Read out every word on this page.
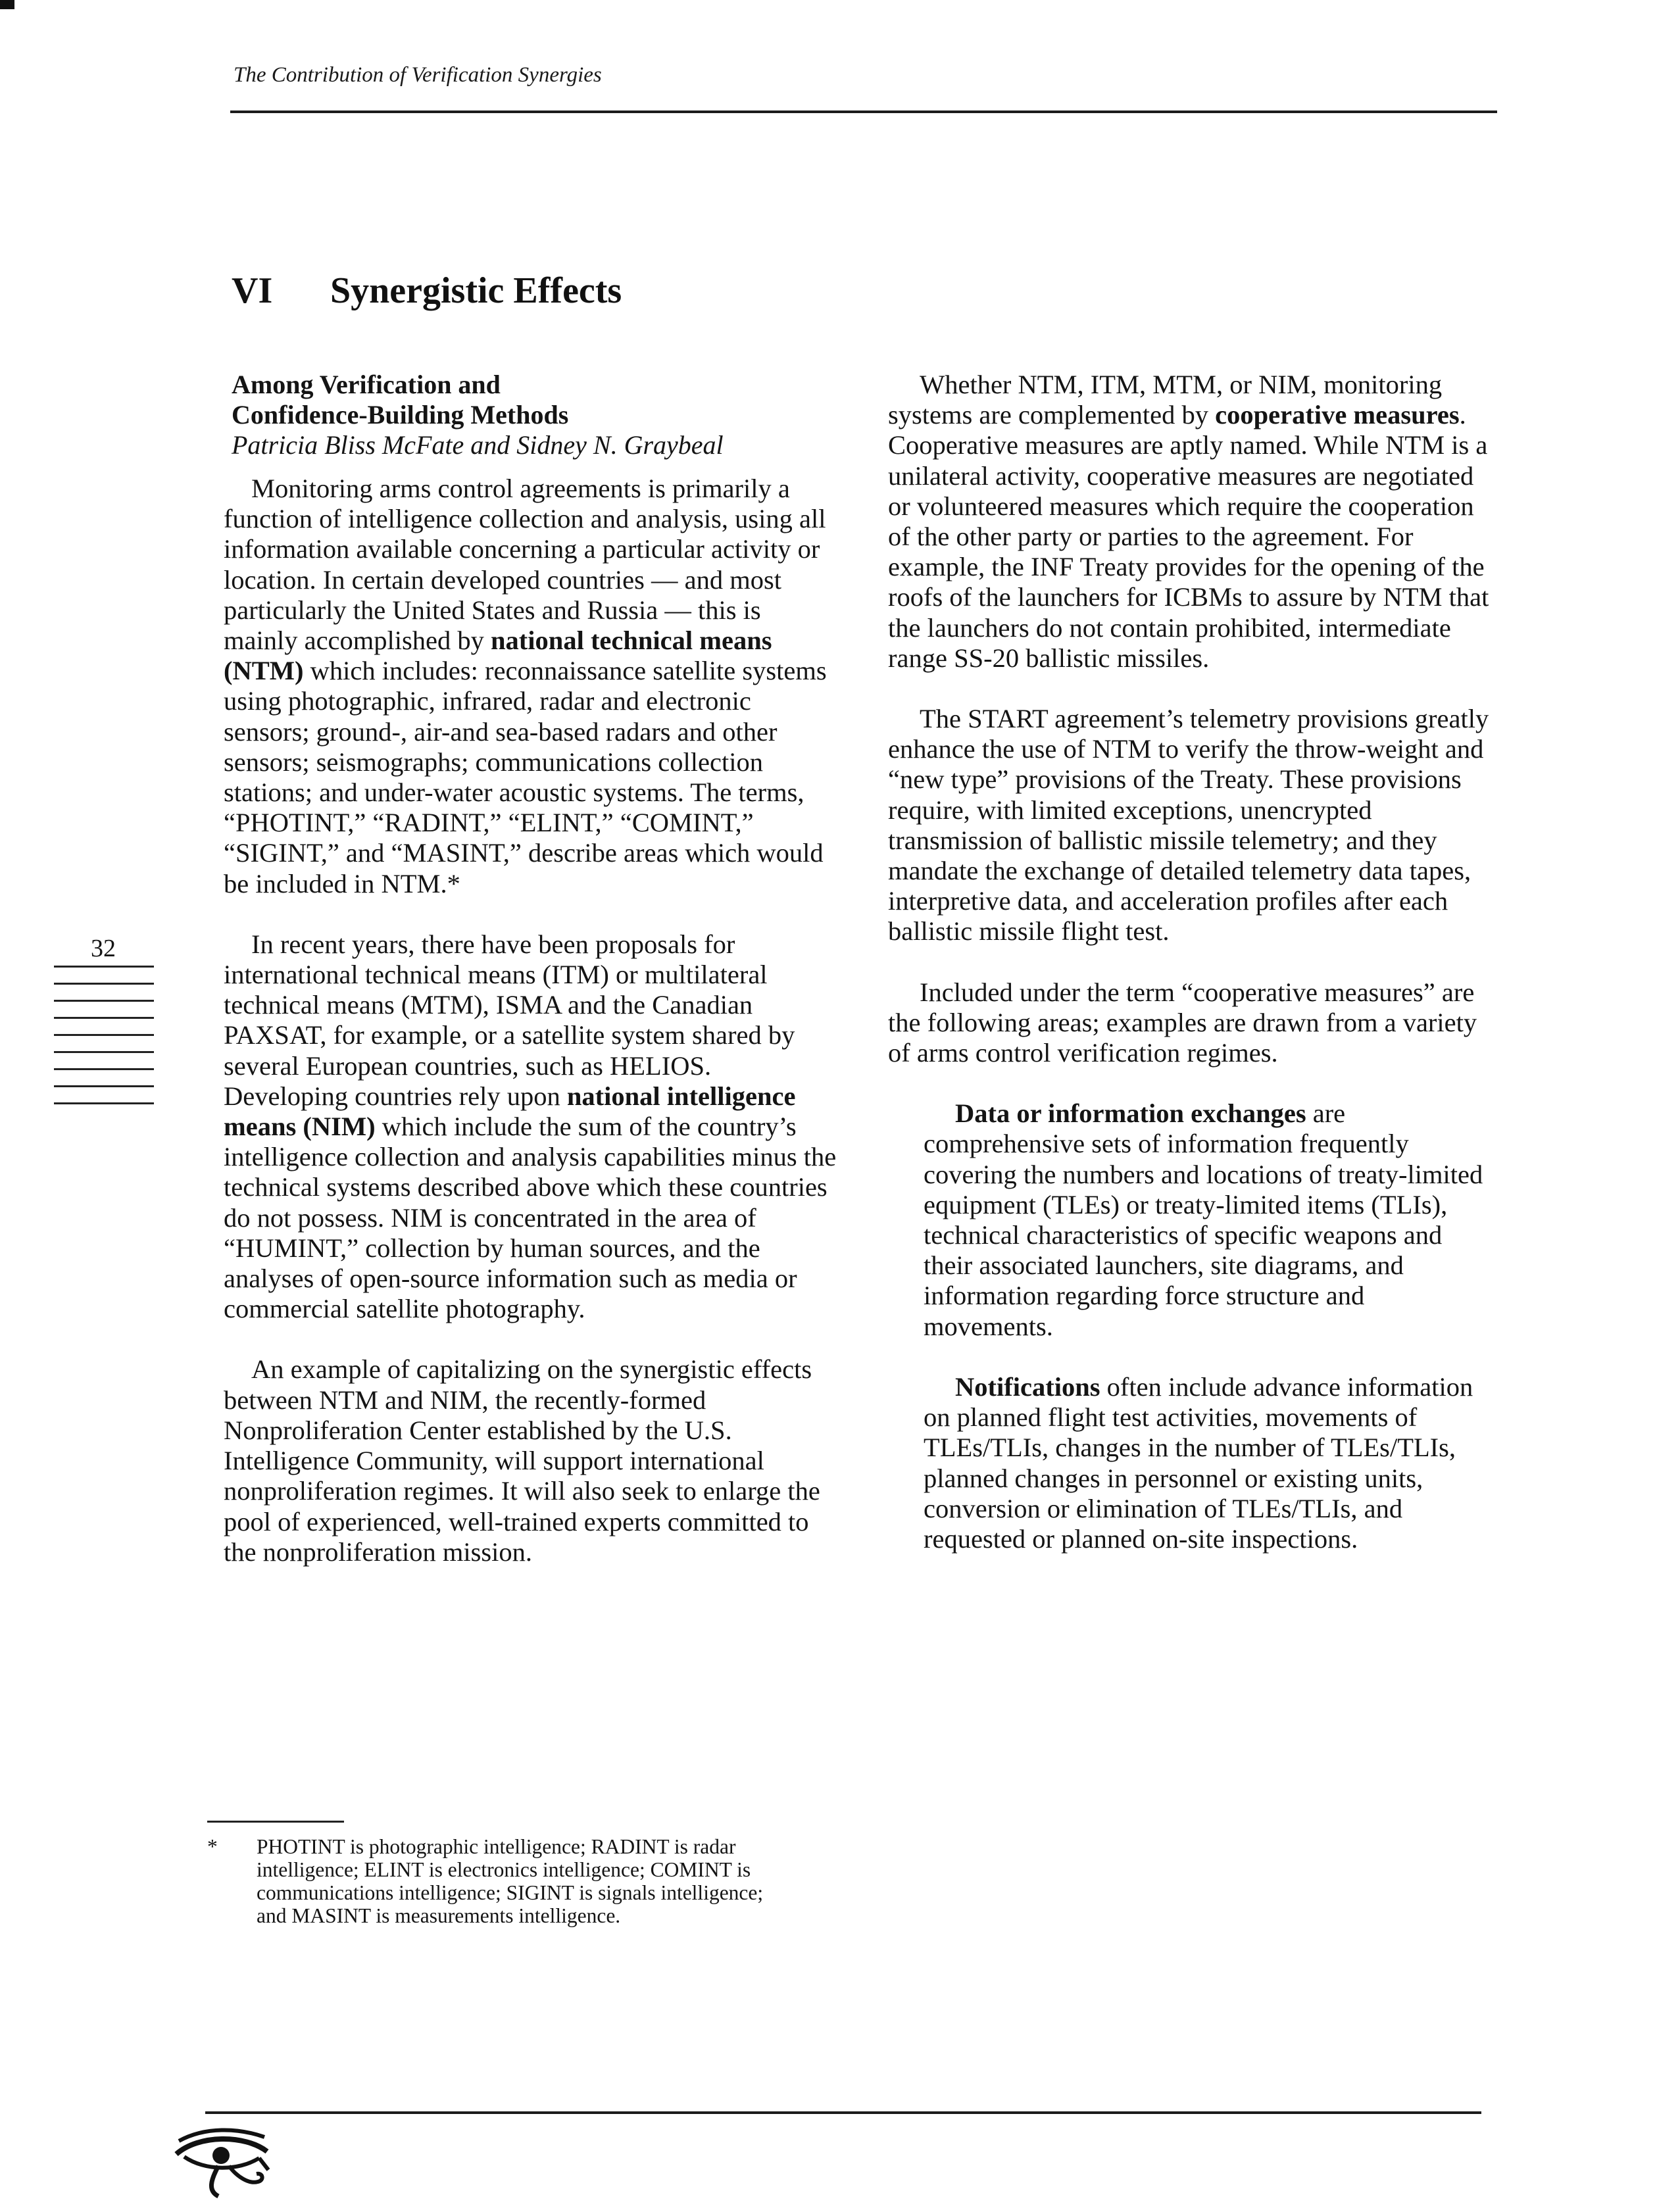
The Contribution of Verification Synergies
VI Synergistic Effects
Among Verification and
Confidence-Building Methods
Patricia Bliss McFate and Sidney N. Graybeal

Monitoring arms control agreements is primarily a function of intelligence collection and analysis, using all information available concerning a particular activity or location. In certain developed countries — and most particularly the United States and Russia — this is mainly accomplished by national technical means (NTM) which includes: reconnaissance satellite systems using photographic, infrared, radar and electronic sensors; ground-, air-and sea-based radars and other sensors; seismographs; communications collection stations; and under-water acoustic systems. The terms, “PHOTINT,” “RADINT,” “ELINT,” “COMINT,” “SIGINT,” and “MASINT,” describe areas which would be included in NTM.*

In recent years, there have been proposals for international technical means (ITM) or multilateral technical means (MTM), ISMA and the Canadian PAXSAT, for example, or a satellite system shared by several European countries, such as HELIOS. Developing countries rely upon national intelligence means (NIM) which include the sum of the country’s intelligence collection and analysis capabilities minus the technical systems described above which these countries do not possess. NIM is concentrated in the area of “HUMINT,” collection by human sources, and the analyses of open-source information such as media or commercial satellite photography.

An example of capitalizing on the synergistic effects between NTM and NIM, the recently-formed Nonproliferation Center established by the U.S. Intelligence Community, will support international nonproliferation regimes. It will also seek to enlarge the pool of experienced, well-trained experts committed to the nonproliferation mission.

Whether NTM, ITM, MTM, or NIM, monitoring systems are complemented by cooperative measures. Cooperative measures are aptly named. While NTM is a unilateral activity, cooperative measures are negotiated or volunteered measures which require the cooperation of the other party or parties to the agreement. For example, the INF Treaty provides for the opening of the roofs of the launchers for ICBMs to assure by NTM that the launchers do not contain prohibited, intermediate range SS-20 ballistic missiles.

The START agreement’s telemetry provisions greatly enhance the use of NTM to verify the throw-weight and “new type” provisions of the Treaty. These provisions require, with limited exceptions, unencrypted transmission of ballistic missile telemetry; and they mandate the exchange of detailed telemetry data tapes, interpretive data, and acceleration profiles after each ballistic missile flight test.

Included under the term “cooperative measures” are the following areas; examples are drawn from a variety of arms control verification regimes.

Data or information exchanges are comprehensive sets of information frequently covering the numbers and locations of treaty-limited equipment (TLEs) or treaty-limited items (TLIs), technical characteristics of specific weapons and their associated launchers, site diagrams, and information regarding force structure and movements.

Notifications often include advance information on planned flight test activities, movements of TLEs/TLIs, changes in the number of TLEs/TLIs, planned changes in personnel or existing units, conversion or elimination of TLEs/TLIs, and requested or planned on-site inspections.

32
* PHOTINT is photographic intelligence; RADINT is radar intelligence; ELINT is electronics intelligence; COMINT is communications intelligence; SIGINT is signals intelligence; and MASINT is measurements intelligence.
